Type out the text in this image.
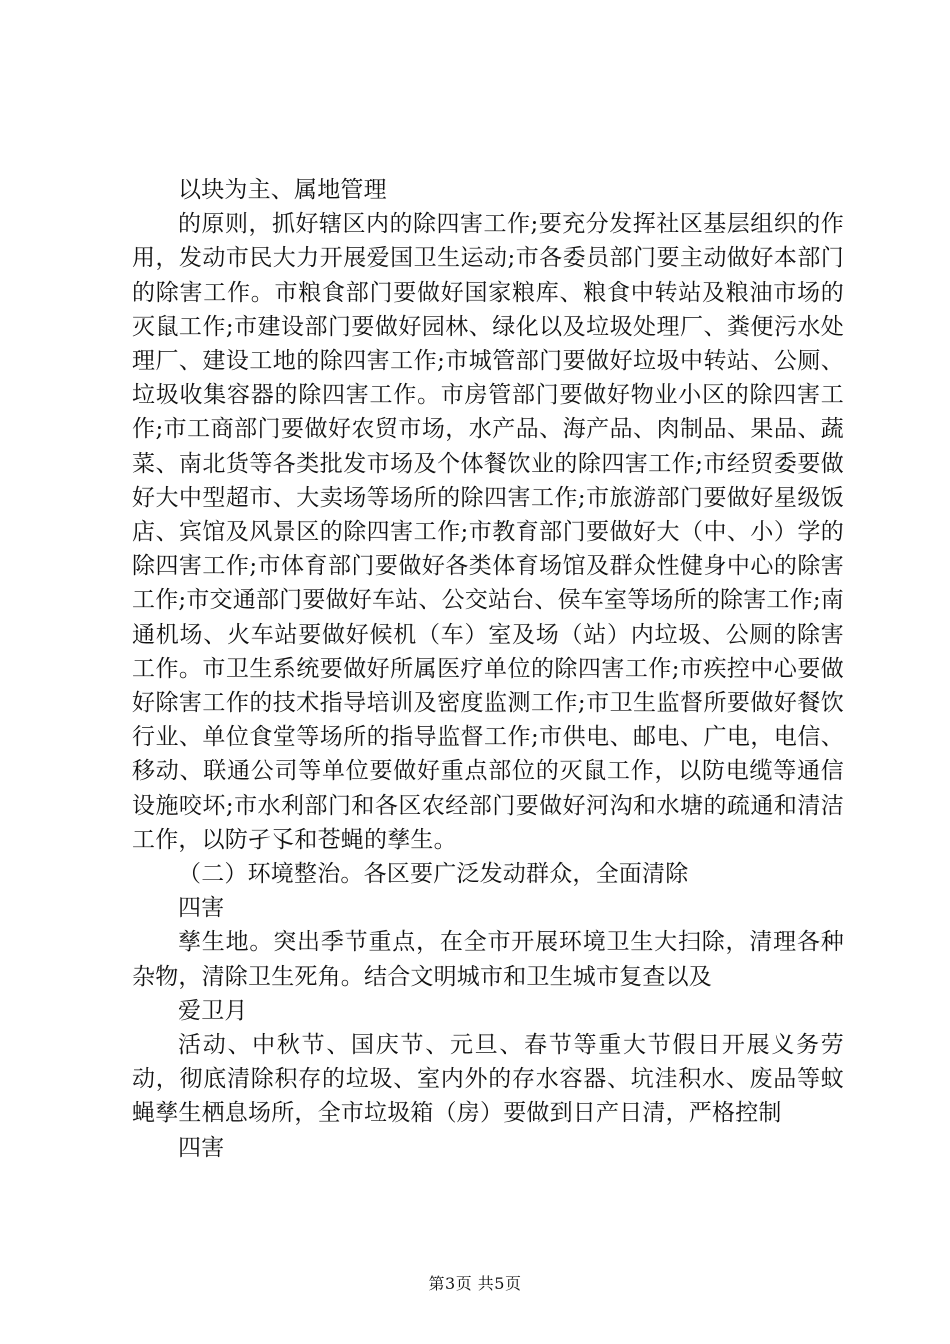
以块为主、属地管理

的原则，抓好辖区内的除四害工作;要充分发挥社区基层组织的作用，发动市民大力开展爱国卫生运动;市各委员部门要主动做好本部门的除害工作。市粮食部门要做好国家粮库、粮食中转站及粮油市场的灭鼠工作;市建设部门要做好园林、绿化以及垃圾处理厂、粪便污水处理厂、建设工地的除四害工作;市城管部门要做好垃圾中转站、公厕、垃圾收集容器的除四害工作。市房管部门要做好物业小区的除四害工作;市工商部门要做好农贸市场，水产品、海产品、肉制品、果品、蔬菜、南北货等各类批发市场及个体餐饮业的除四害工作;市经贸委要做好大中型超市、大卖场等场所的除四害工作;市旅游部门要做好星级饭店、宾馆及风景区的除四害工作;市教育部门要做好大（中、小）学的除四害工作;市体育部门要做好各类体育场馆及群众性健身中心的除害工作;市交通部门要做好车站、公交站台、侯车室等场所的除害工作;南通机场、火车站要做好候机（车）室及场（站）内垃圾、公厕的除害工作。市卫生系统要做好所属医疗单位的除四害工作;市疾控中心要做好除害工作的技术指导培训及密度监测工作;市卫生监督所要做好餐饮行业、单位食堂等场所的指导监督工作;市供电、邮电、广电，电信、移动、联通公司等单位要做好重点部位的灭鼠工作，以防电缆等通信设施咬坏;市水利部门和各区农经部门要做好河沟和水塘的疏通和清洁工作，以防孑孓和苍蝇的孳生。

（二）环境整治。各区要广泛发动群众，全面清除

四害

孳生地。突出季节重点，在全市开展环境卫生大扫除，清理各种杂物，清除卫生死角。结合文明城市和卫生城市复查以及

爱卫月

活动、中秋节、国庆节、元旦、春节等重大节假日开展义务劳动，彻底清除积存的垃圾、室内外的存水容器、坑洼积水、废品等蚊蝇孳生栖息场所，全市垃圾箱（房）要做到日产日清，严格控制

四害

第3页 共5页
